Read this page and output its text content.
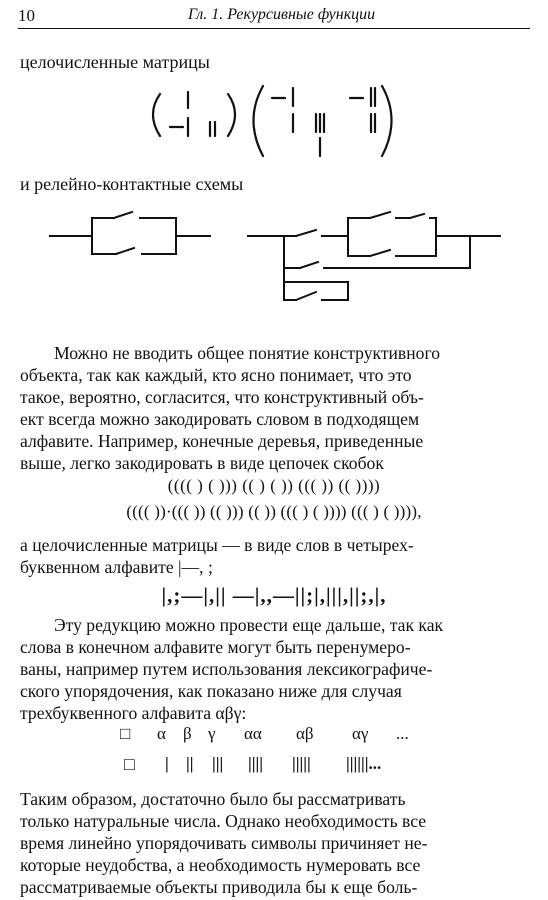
10	Гл. 1. Рекурсивные функции
целочисленные матрицы
и релейно-контактные схемы

Можно не вводить общее понятие конструктивного

объекта, так как каждый, кто ясно понимает, что это

такое, вероятно, согласится, что конструктивный объ-

ект всегда можно закодировать словом в подходящем

алфавите. Например, конечные деревья, приведенные

выше, легко закодировать в виде цепочек скобок

(((( ) ( ))) (( ) ( )) ((( )) (( ))))
(((( ))·((( )) (( ))) (( )) ((( ) ( )))) ((( ) ( )))),

а целочисленные матрицы — в виде слов в четырех-

буквенном алфавите |—, ;

|,;—|,|| —|,,—||;|,|||,||;,|,

Эту редукцию можно провести еще дальше, так как

слова в конечном алфавите могут быть перенумеро-

ваны, например путем использования лексикографиче-

ского упорядочения, как показано ниже для случая

трехбуквенного алфавита αβγ:

□ α β γ αα αβ αγ ...
□ | || ||| |||| ||||| ||||||...

Таким образом, достаточно было бы рассматривать

только натуральные числа. Однако необходимость все

время линейно упорядочивать символы причиняет не-

которые неудобства, а необходимость нумеровать все

рассматриваемые объекты приводила бы к еще боль-
